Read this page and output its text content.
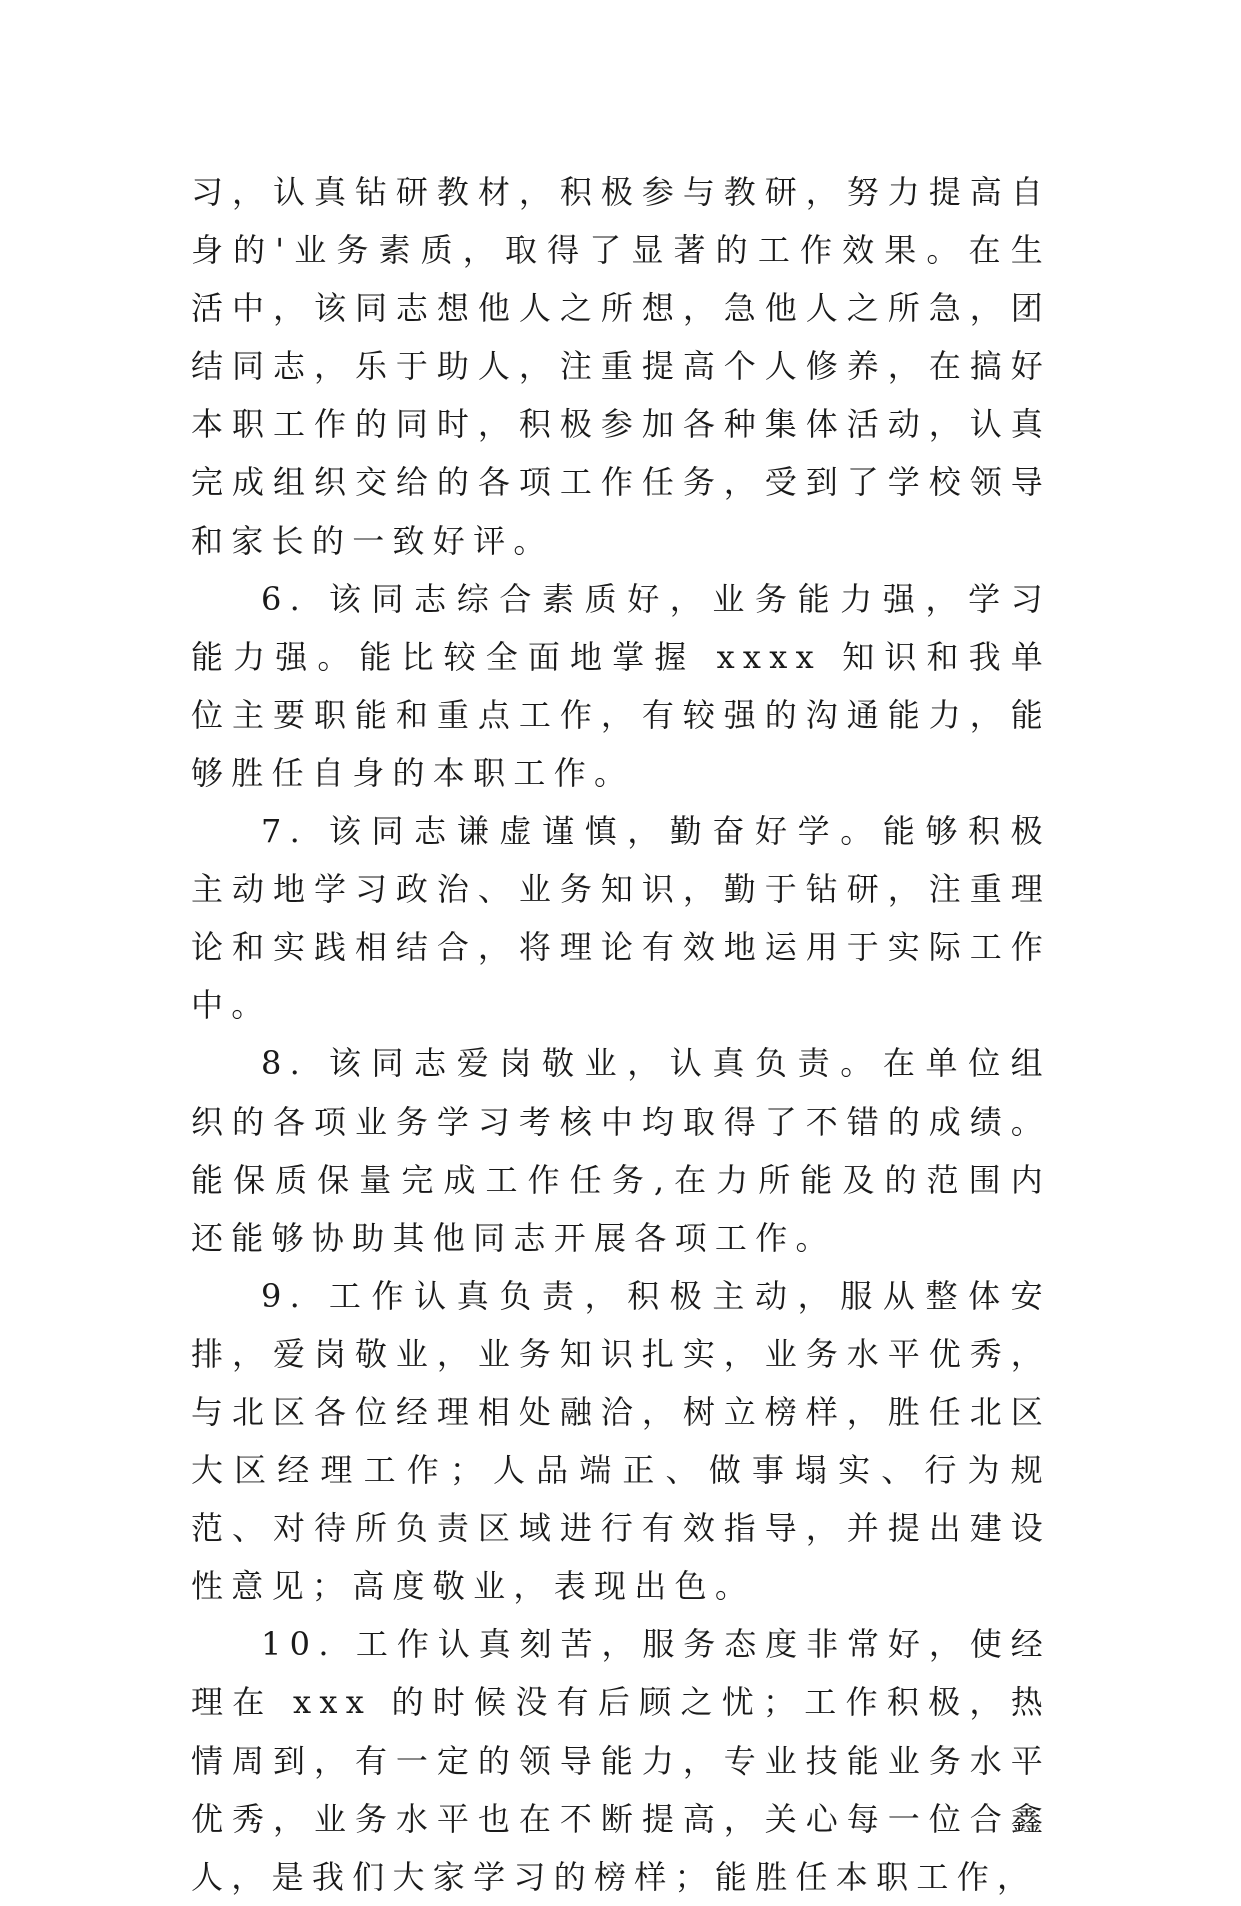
习，认真钻研教材，积极参与教研，努力提高自身的'业务素质，取得了显著的工作效果。在生活中，该同志想他人之所想，急他人之所急，团结同志，乐于助人，注重提高个人修养，在搞好本职工作的同时，积极参加各种集体活动，认真完成组织交给的各项工作任务，受到了学校领导和家长的一致好评。

6. 该同志综合素质好，业务能力强，学习能力强。能比较全面地掌握 xxxx 知识和我单位主要职能和重点工作，有较强的沟通能力，能够胜任自身的本职工作。

7. 该同志谦虚谨慎，勤奋好学。能够积极主动地学习政治、业务知识，勤于钻研，注重理论和实践相结合，将理论有效地运用于实际工作中。

8. 该同志爱岗敬业，认真负责。在单位组织的各项业务学习考核中均取得了不错的成绩。能保质保量完成工作任务,在力所能及的范围内还能够协助其他同志开展各项工作。

9. 工作认真负责，积极主动，服从整体安排，爱岗敬业，业务知识扎实，业务水平优秀，与北区各位经理相处融洽，树立榜样，胜任北区大区经理工作；人品端正、做事塌实、行为规范、对待所负责区域进行有效指导，并提出建设性意见；高度敬业，表现出色。

10. 工作认真刻苦，服务态度非常好，使经理在 xxx 的时候没有后顾之忧；工作积极，热情周到，有一定的领导能力，专业技能业务水平优秀，业务水平也在不断提高，关心每一位合鑫人，是我们大家学习的榜样；能胜任本职工作，
